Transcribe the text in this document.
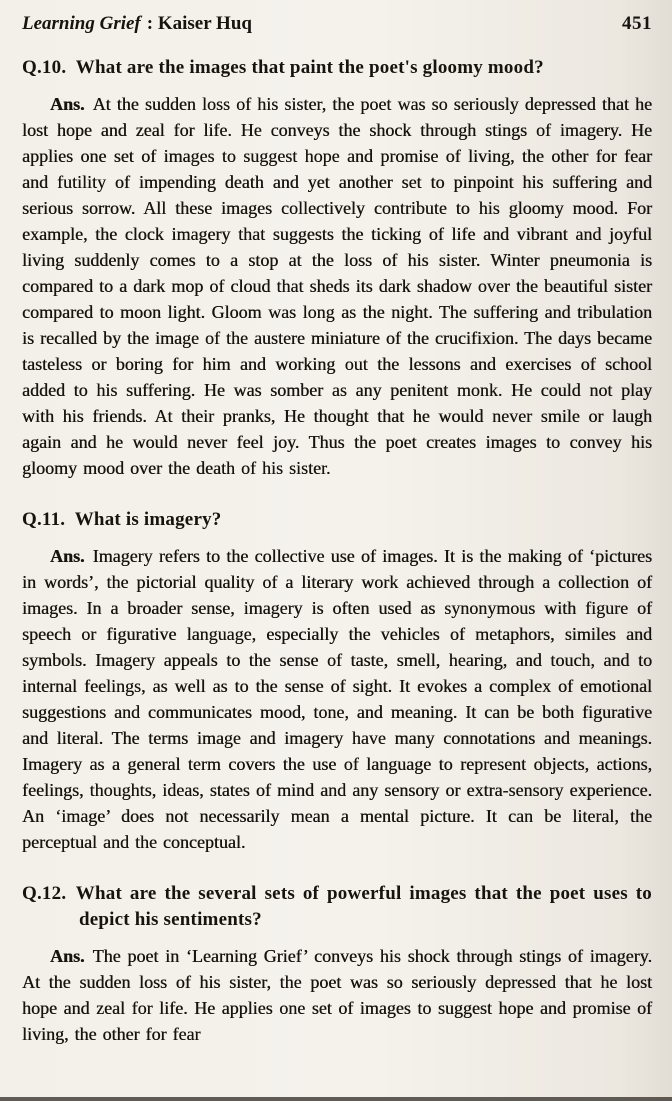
Learning Grief : Kaiser Huq	451
Q.10. What are the images that paint the poet's gloomy mood?

Ans. At the sudden loss of his sister, the poet was so seriously depressed that he lost hope and zeal for life. He conveys the shock through stings of imagery. He applies one set of images to suggest hope and promise of living, the other for fear and futility of impending death and yet another set to pinpoint his suffering and serious sorrow. All these images collectively contribute to his gloomy mood. For example, the clock imagery that suggests the ticking of life and vibrant and joyful living suddenly comes to a stop at the loss of his sister. Winter pneumonia is compared to a dark mop of cloud that sheds its dark shadow over the beautiful sister compared to moon light. Gloom was long as the night. The suffering and tribulation is recalled by the image of the austere miniature of the crucifixion. The days became tasteless or boring for him and working out the lessons and exercises of school added to his suffering. He was somber as any penitent monk. He could not play with his friends. At their pranks, He thought that he would never smile or laugh again and he would never feel joy. Thus the poet creates images to convey his gloomy mood over the death of his sister.

Q.11. What is imagery?

Ans. Imagery refers to the collective use of images. It is the making of ‘pictures in words’, the pictorial quality of a literary work achieved through a collection of images. In a broader sense, imagery is often used as synonymous with figure of speech or figurative language, especially the vehicles of metaphors, similes and symbols. Imagery appeals to the sense of taste, smell, hearing, and touch, and to internal feelings, as well as to the sense of sight. It evokes a complex of emotional suggestions and communicates mood, tone, and meaning. It can be both figurative and literal. The terms image and imagery have many connotations and meanings. Imagery as a general term covers the use of language to represent objects, actions, feelings, thoughts, ideas, states of mind and any sensory or extra-sensory experience. An ‘image’ does not necessarily mean a mental picture. It can be literal, the perceptual and the conceptual.

Q.12. What are the several sets of powerful images that the poet uses to depict his sentiments?

Ans. The poet in ‘Learning Grief’ conveys his shock through stings of imagery. At the sudden loss of his sister, the poet was so seriously depressed that he lost hope and zeal for life. He applies one set of images to suggest hope and promise of living, the other for fear
